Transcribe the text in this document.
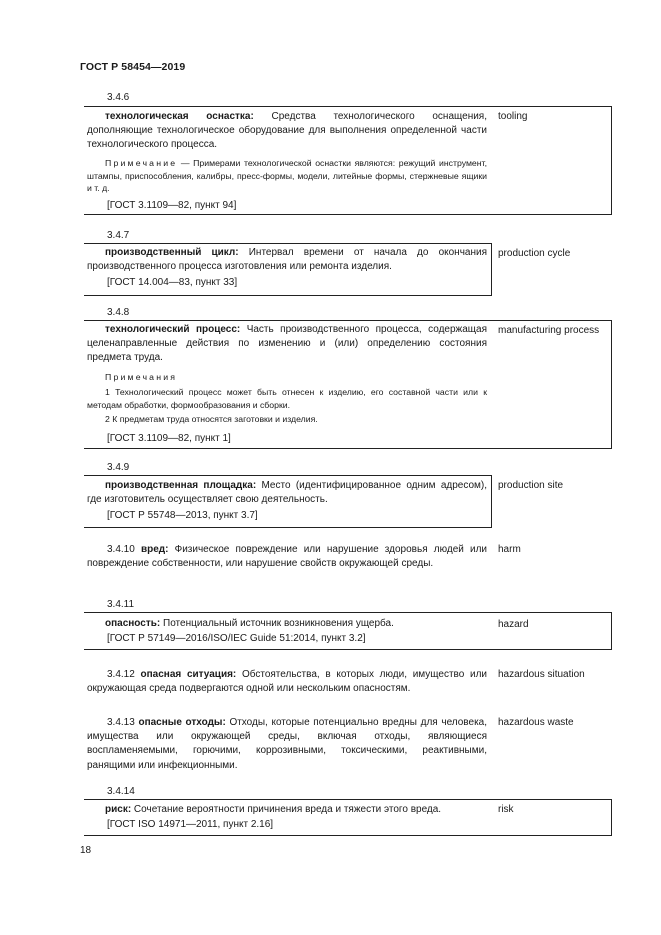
ГОСТ Р 58454—2019
3.4.6
технологическая оснастка: Средства технологического оснащения, дополняющие технологическое оборудование для выполнения определенной части технологического процесса.
Примечание — Примерами технологической оснастки являются: режущий инструмент, штампы, приспособления, калибры, пресс-формы, модели, литейные формы, стержневые ящики и т. д.
[ГОСТ 3.1109—82, пункт 94]
tooling
3.4.7
производственный цикл: Интервал времени от начала до окончания производственного процесса изготовления или ремонта изделия.
[ГОСТ 14.004—83, пункт 33]
production cycle
3.4.8
технологический процесс: Часть производственного процесса, содержащая целенаправленные действия по изменению и (или) определению состояния предмета труда.
Примечания
1 Технологический процесс может быть отнесен к изделию, его составной части или к методам обработки, формообразования и сборки.
2 К предметам труда относятся заготовки и изделия.
[ГОСТ 3.1109—82, пункт 1]
manufacturing process
3.4.9
производственная площадка: Место (идентифицированное одним адресом), где изготовитель осуществляет свою деятельность.
[ГОСТ Р 55748—2013, пункт 3.7]
production site
3.4.10 вред: Физическое повреждение или нарушение здоровья людей или повреждение собственности, или нарушение свойств окружающей среды.
harm
3.4.11
опасность: Потенциальный источник возникновения ущерба.
[ГОСТ Р 57149—2016/ISO/IEC Guide 51:2014, пункт 3.2]
hazard
3.4.12 опасная ситуация: Обстоятельства, в которых люди, имущество или окружающая среда подвергаются одной или нескольким опасностям.
hazardous situation
3.4.13 опасные отходы: Отходы, которые потенциально вредны для человека, имущества или окружающей среды, включая отходы, являющиеся воспламеняемыми, горючими, коррозивными, токсическими, реактивными, ранящими или инфекционными.
hazardous waste
3.4.14
риск: Сочетание вероятности причинения вреда и тяжести этого вреда.
[ГОСТ ISO 14971—2011, пункт 2.16]
risk
18
